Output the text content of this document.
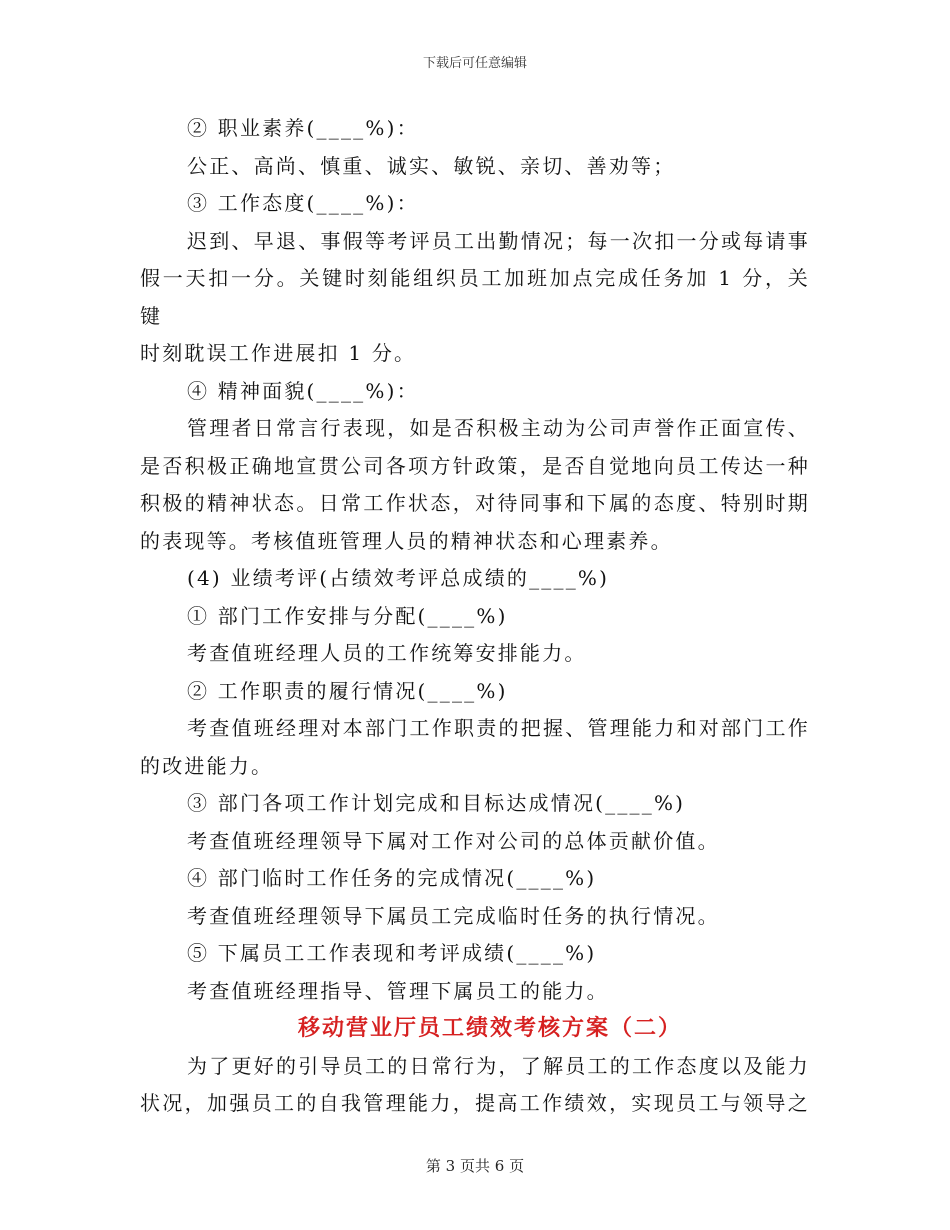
下载后可任意编辑
② 职业素养(____%)：
公正、高尚、慎重、诚实、敏锐、亲切、善劝等；
③ 工作态度(____%)：
迟到、早退、事假等考评员工出勤情况；每一次扣一分或每请事
假一天扣一分。关键时刻能组织员工加班加点完成任务加 1 分，关键
时刻耽误工作进展扣 1 分。
④ 精神面貌(____%)：
管理者日常言行表现，如是否积极主动为公司声誉作正面宣传、
是否积极正确地宣贯公司各项方针政策，是否自觉地向员工传达一种
积极的精神状态。日常工作状态，对待同事和下属的态度、特别时期
的表现等。考核值班管理人员的精神状态和心理素养。
(4) 业绩考评(占绩效考评总成绩的____%)
① 部门工作安排与分配(____%)
考查值班经理人员的工作统筹安排能力。
② 工作职责的履行情况(____%)
考查值班经理对本部门工作职责的把握、管理能力和对部门工作
的改进能力。
③ 部门各项工作计划完成和目标达成情况(____%)
考查值班经理领导下属对工作对公司的总体贡献价值。
④ 部门临时工作任务的完成情况(____%)
考查值班经理领导下属员工完成临时任务的执行情况。
⑤ 下属员工工作表现和考评成绩(____%)
考查值班经理指导、管理下属员工的能力。
移动营业厅员工绩效考核方案（二）
为了更好的引导员工的日常行为，了解员工的工作态度以及能力
状况，加强员工的自我管理能力，提高工作绩效，实现员工与领导之
第 3 页共 6 页
